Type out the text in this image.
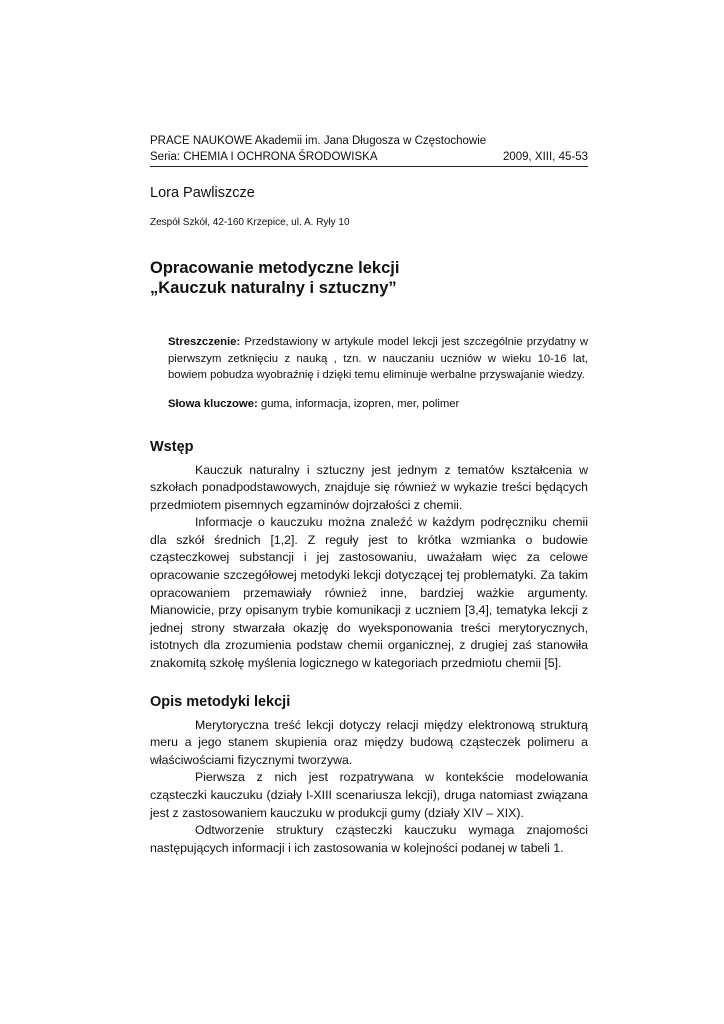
PRACE NAUKOWE Akademii im. Jana Długosza w Częstochowie
Seria: CHEMIA I OCHRONA ŚRODOWISKA	2009, XIII, 45-53
Lora Pawliszcze
Zespół Szkół, 42-160 Krzepice, ul. A. Ryły 10
Opracowanie metodyczne lekcji
„Kauczuk naturalny i sztuczny”
Streszczenie: Przedstawiony w artykule model lekcji jest szczególnie przydatny w pierwszym zetknięciu z nauką , tzn. w nauczaniu uczniów w wieku 10-16 lat, bowiem pobudza wyobraźnię i dzięki temu eliminuje werbalne przyswajanie wiedzy.
Słowa kluczowe: guma, informacja, izopren, mer, polimer
Wstęp

Kauczuk naturalny i sztuczny jest jednym z tematów kształcenia w szkołach ponadpodstawowych, znajduje się również w wykazie treści będących przedmiotem pisemnych egzaminów dojrzałości z chemii.

Informacje o kauczuku można znaleźć w każdym podręczniku chemii dla szkół średnich [1,2]. Z reguły jest to krótka wzmianka o budowie cząsteczkowej substancji i jej zastosowaniu, uważałam więc za celowe opracowanie szczegółowej metodyki lekcji dotyczącej tej problematyki. Za takim opracowaniem przemawiały również inne, bardziej ważkie argumenty. Mianowicie, przy opisanym trybie komunikacji z uczniem [3,4], tematyka lekcji z jednej strony stwarzała okazję do wyeksponowania treści merytorycznych, istotnych dla zrozumienia podstaw chemii organicznej, z drugiej zaś stanowiła znakomitą szkołę myślenia logicznego w kategoriach przedmiotu chemii [5].

Opis metodyki lekcji

Merytoryczna treść lekcji dotyczy relacji między elektronową strukturą meru a jego stanem skupienia oraz między budową cząsteczek polimeru a właściwościami fizycznymi tworzywa.

Pierwsza z nich jest rozpatrywana w kontekście modelowania cząsteczki kauczuku (działy I-XIII scenariusza lekcji), druga natomiast związana jest z zastosowaniem kauczuku w produkcji gumy (działy XIV – XIX).

Odtworzenie struktury cząsteczki kauczuku wymaga znajomości następujących informacji i ich zastosowania w kolejności podanej w tabeli 1.
